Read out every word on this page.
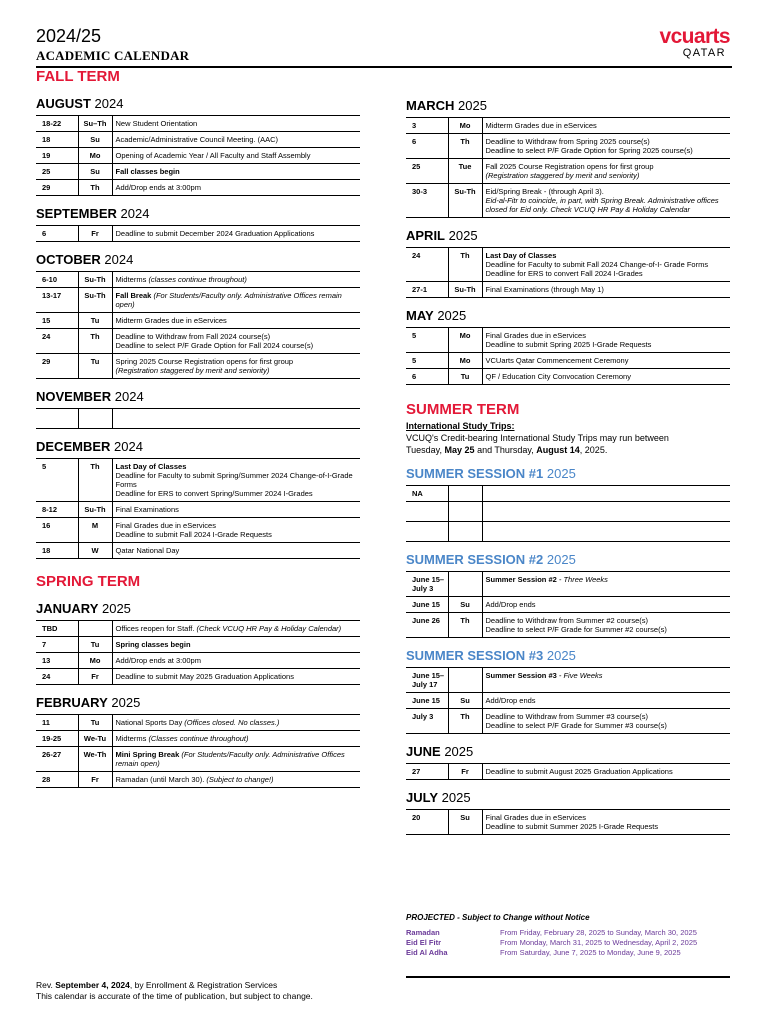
2024/25
ACADEMIC CALENDAR
vcuarts
QATAR
FALL TERM
AUGUST 2024
18-22	Su–Th	New Student Orientation
18	Su	Academic/Administrative Council Meeting. (AAC)
19	Mo	Opening of Academic Year / All Faculty and Staff Assembly
25	Su	Fall classes begin
29	Th	Add/Drop ends at 3:00pm
SEPTEMBER 2024
6	Fr	Deadline to submit December 2024 Graduation Applications
OCTOBER 2024
6-10	Su-Th	Midterms (classes continue throughout)
13-17	Su-Th	Fall Break (For Students/Faculty only. Administrative Offices remain open)
15	Tu	Midterm Grades due in eServices
24	Th	Deadline to Withdraw from Fall 2024 course(s)
Deadline to select P/F Grade Option for Fall 2024 course(s)

29	Tu	Spring 2025 Course Registration opens for first group
(Registration staggered by merit and seniority)
NOVEMBER 2024

DECEMBER 2024
5	Th	Last Day of Classes
Deadline for Faculty to submit Spring/Summer 2024 Change-of-I-Grade Forms
Deadline for ERS to convert Spring/Summer 2024 I-Grades

8-12	Su-Th	Final Examinations
16	M	Final Grades due in eServices
Deadline to submit Fall 2024 I-Grade Requests

18	W	Qatar National Day
SPRING TERM
JANUARY 2025
TBD		Offices reopen for Staff. (Check VCUQ HR Pay & Holiday Calendar)
7	Tu	Spring classes begin
13	Mo	Add/Drop ends at 3:00pm
24	Fr	Deadline to submit May 2025 Graduation Applications
FEBRUARY 2025
11	Tu	National Sports Day (Offices closed. No classes.)
19-25	We-Tu	Midterms (Classes continue throughout)
26-27	We-Th	Mini Spring Break (For Students/Faculty only. Administrative Offices remain open)
28	Fr	Ramadan (until March 30). (Subject to change!)
MARCH 2025
3	Mo	Midterm Grades due in eServices
6	Th	Deadline to Withdraw from Spring 2025 course(s)
Deadline to select P/F Grade Option for Spring 2025 course(s)

25	Tue	Fall 2025 Course Registration opens for first group
(Registration staggered by merit and seniority)

30-3	Su-Th	Eid/Spring Break - (through April 3).
Eid-al-Fitr to coincide, in part, with Spring Break. Administrative offices closed for Eid only. Check VCUQ HR Pay & Holiday Calendar
APRIL 2025
24	Th	Last Day of Classes
Deadline for Faculty to submit Fall 2024 Change-of-I- Grade Forms
Deadline for ERS to convert Fall 2024 I-Grades

27-1	Su-Th	Final Examinations (through May 1)
MAY 2025
5	Mo	Final Grades due in eServices
Deadline to submit Spring 2025 I-Grade Requests

5	Mo	VCUarts Qatar Commencement Ceremony
6	Tu	QF / Education City Convocation Ceremony
SUMMER TERM
International Study Trips:
VCUQ's Credit-bearing International Study Trips may run between
Tuesday, May 25 and Thursday, August 14, 2025.
SUMMER SESSION #1 2025
NA		

SUMMER SESSION #2 2025
June 15–July 3		Summer Session #2 - Three Weeks
June 15	Su	Add/Drop ends
June 26	Th	Deadline to Withdraw from Summer #2 course(s)
Deadline to select P/F Grade for Summer #2 course(s)
SUMMER SESSION #3 2025
June 15–July 17		Summer Session #3 - Five Weeks
June 15	Su	Add/Drop ends
July 3	Th	Deadline to Withdraw from Summer #3 course(s)
Deadline to select P/F Grade for Summer #3 course(s)
JUNE 2025
27	Fr	Deadline to submit August 2025 Graduation Applications
JULY 2025
20	Su	Final Grades due in eServices
Deadline to submit Summer 2025 I-Grade Requests
PROJECTED - Subject to Change without Notice
Ramadan	From Friday, February 28, 2025 to Sunday, March 30, 2025
Eid El Fitr	From Monday, March 31, 2025 to Wednesday, April 2, 2025
Eid Al Adha	From Saturday, June 7, 2025 to Monday, June 9, 2025
Rev. September 4, 2024, by Enrollment & Registration Services
This calendar is accurate of the time of publication, but subject to change.
